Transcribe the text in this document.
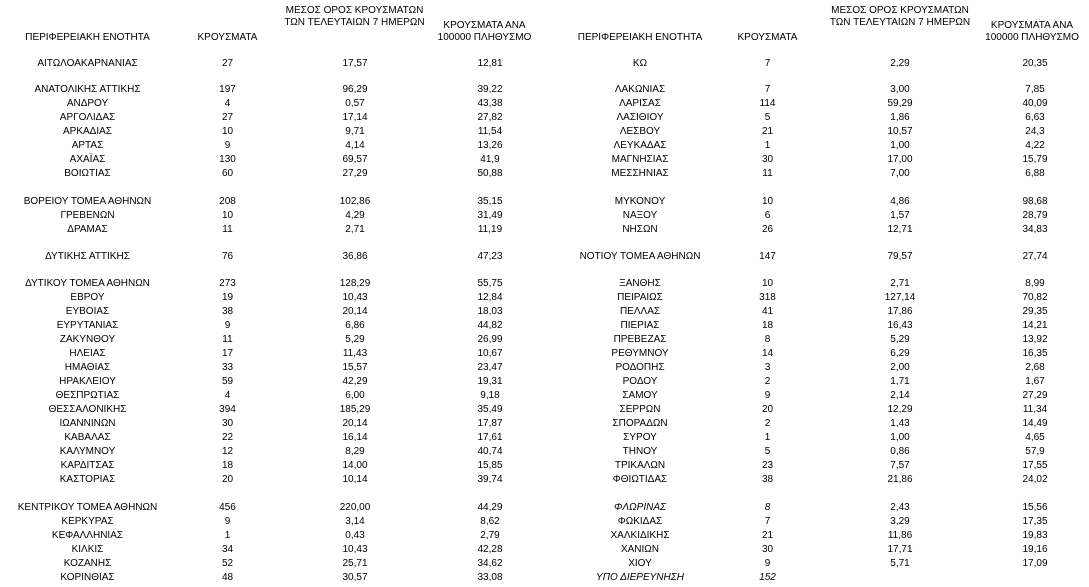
ΠΕΡΙΦΕΡΕΙΑΚΗ ΕΝΟΤΗΤΑ	ΚΡΟΥΣΜΑΤΑ
ΜΕΣΟΣ ΟΡΟΣ ΚΡΟΥΣΜΑΤΩΝ ΤΩΝ ΤΕΛΕΥΤΑΙΩΝ 7 ΗΜΕΡΩΝ	ΚΡΟΥΣΜΑΤΑ ΑΝΑ 100000 ΠΛΗΘΥΣΜΟ
ΑΙΤΩΛΟΑΚΑΡΝΑΝΙΑΣ	27	17,57	12,81
ΑΝΑΤΟΛΙΚΗΣ ΑΤΤΙΚΗΣ	197	96,29	39,22
ΑΝΔΡΟΥ	4	0,57	43,38
ΑΡΓΟΛΙΔΑΣ	27	17,14	27,82
ΑΡΚΑΔΙΑΣ	10	9,71	11,54
ΑΡΤΑΣ	9	4,14	13,26
ΑΧΑΪΑΣ	130	69,57	41,9
ΒΟΙΩΤΙΑΣ	60	27,29	50,88
ΒΟΡΕΙΟΥ ΤΟΜΕΑ ΑΘΗΝΩΝ	208	102,86	35,15
ΓΡΕΒΕΝΩΝ	10	4,29	31,49
ΔΡΑΜΑΣ	11	2,71	11,19
ΔΥΤΙΚΗΣ ΑΤΤΙΚΗΣ	76	36,86	47,23
ΔΥΤΙΚΟΥ ΤΟΜΕΑ ΑΘΗΝΩΝ	273	128,29	55,75
ΕΒΡΟΥ	19	10,43	12,84
ΕΥΒΟΙΑΣ	38	20,14	18,03
ΕΥΡΥΤΑΝΙΑΣ	9	6,86	44,82
ΖΑΚΥΝΘΟΥ	11	5,29	26,99
ΗΛΕΙΑΣ	17	11,43	10,67
ΗΜΑΘΙΑΣ	33	15,57	23,47
ΗΡΑΚΛΕΙΟΥ	59	42,29	19,31
ΘΕΣΠΡΩΤΙΑΣ	4	6,00	9,18
ΘΕΣΣΑΛΟΝΙΚΗΣ	394	185,29	35,49
ΙΩΑΝΝΙΝΩΝ	30	20,14	17,87
ΚΑΒΑΛΑΣ	22	16,14	17,61
ΚΑΛΥΜΝΟΥ	12	8,29	40,74
ΚΑΡΔΙΤΣΑΣ	18	14,00	15,85
ΚΑΣΤΟΡΙΑΣ	20	10,14	39,74
ΚΕΝΤΡΙΚΟΥ ΤΟΜΕΑ ΑΘΗΝΩΝ	456	220,00	44,29
ΚΕΡΚΥΡΑΣ	9	3,14	8,62
ΚΕΦΑΛΛΗΝΙΑΣ	1	0,43	2,79
ΚΙΛΚΙΣ	34	10,43	42,28
ΚΟΖΑΝΗΣ	52	25,71	34,62
ΚΟΡΙΝΘΙΑΣ	48	30,57	33,08
ΠΕΡΙΦΕΡΕΙΑΚΗ ΕΝΟΤΗΤΑ	ΚΡΟΥΣΜΑΤΑ
ΜΕΣΟΣ ΟΡΟΣ ΚΡΟΥΣΜΑΤΩΝ ΤΩΝ ΤΕΛΕΥΤΑΙΩΝ 7 ΗΜΕΡΩΝ	ΚΡΟΥΣΜΑΤΑ ΑΝΑ 100000 ΠΛΗΘΥΣΜΟ
ΚΩ	7	2,29	20,35
ΛΑΚΩΝΙΑΣ	7	3,00	7,85
ΛΑΡΙΣΑΣ	114	59,29	40,09
ΛΑΣΙΘΙΟΥ	5	1,86	6,63
ΛΕΣΒΟΥ	21	10,57	24,3
ΛΕΥΚΑΔΑΣ	1	1,00	4,22
ΜΑΓΝΗΣΙΑΣ	30	17,00	15,79
ΜΕΣΣΗΝΙΑΣ	11	7,00	6,88
ΜΥΚΟΝΟΥ	10	4,86	98,68
ΝΑΞΟΥ	6	1,57	28,79
ΝΗΣΩΝ	26	12,71	34,83
ΝΟΤΙΟΥ ΤΟΜΕΑ ΑΘΗΝΩΝ	147	79,57	27,74
ΞΑΝΘΗΣ	10	2,71	8,99
ΠΕΙΡΑΙΩΣ	318	127,14	70,82
ΠΕΛΛΑΣ	41	17,86	29,35
ΠΙΕΡΙΑΣ	18	16,43	14,21
ΠΡΕΒΕΖΑΣ	8	5,29	13,92
ΡΕΘΥΜΝΟΥ	14	6,29	16,35
ΡΟΔΟΠΗΣ	3	2,00	2,68
ΡΟΔΟΥ	2	1,71	1,67
ΣΑΜΟΥ	9	2,14	27,29
ΣΕΡΡΩΝ	20	12,29	11,34
ΣΠΟΡΑΔΩΝ	2	1,43	14,49
ΣΥΡΟΥ	1	1,00	4,65
ΤΗΝΟΥ	5	0,86	57,9
ΤΡΙΚΑΛΩΝ	23	7,57	17,55
ΦΘΙΩΤΙΔΑΣ	38	21,86	24,02
ΦΛΩΡΙΝΑΣ	8	2,43	15,56
ΦΩΚΙΔΑΣ	7	3,29	17,35
ΧΑΛΚΙΔΙΚΗΣ	21	11,86	19,83
ΧΑΝΙΩΝ	30	17,71	19,16
ΧΙΟΥ	9	5,71	17,09
ΥΠΟ ΔΙΕΡΕΥΝΗΣΗ	152
